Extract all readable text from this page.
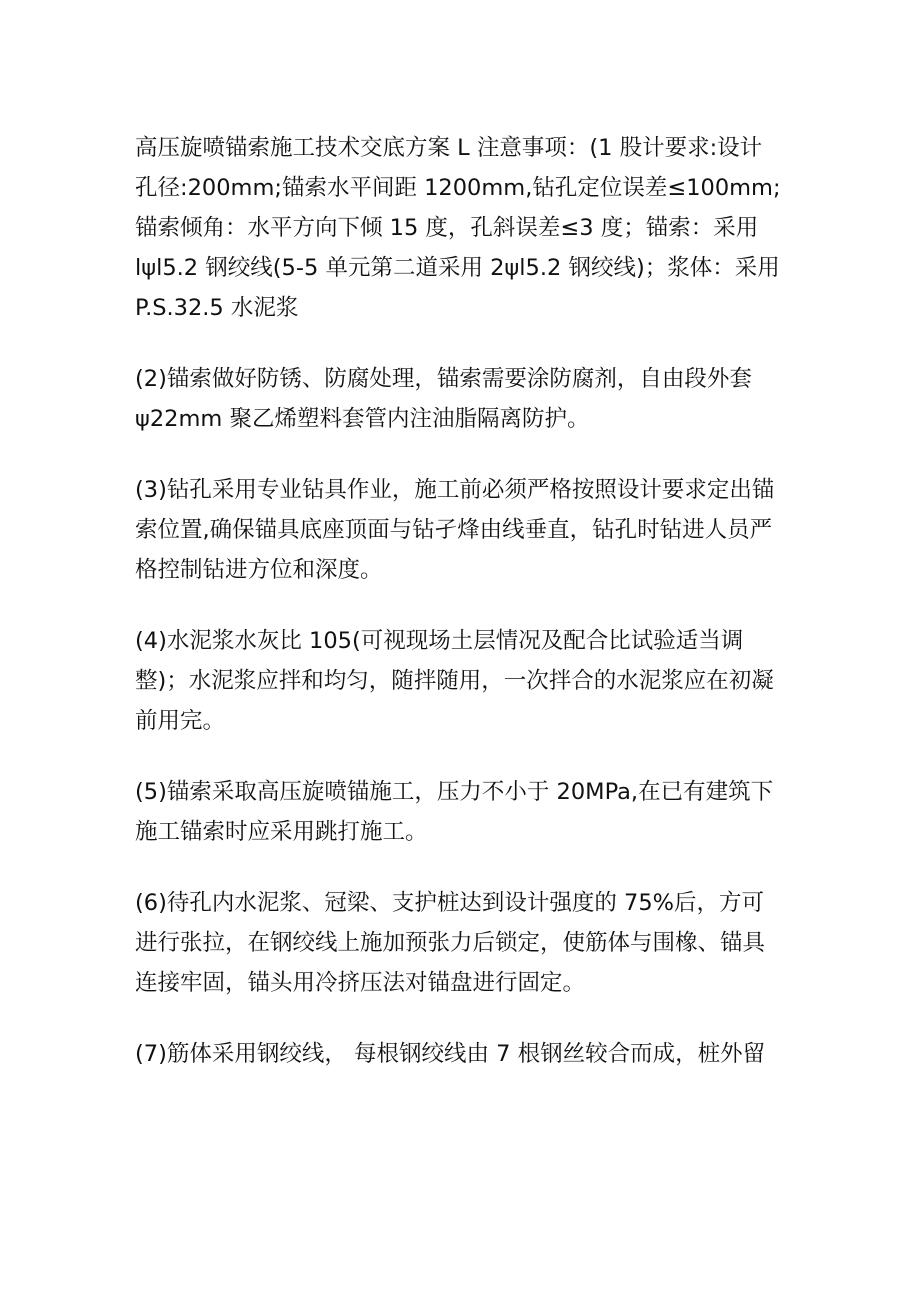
高压旋喷锚索施工技术交底方案 L 注意事项：(1 股计要求:设计
孔径:200mm;锚索水平间距 1200mm,钻孔定位误差≤100mm;
锚索倾角：水平方向下倾 15 度，孔斜误差≤3 度；锚索：采用
lψl5.2 钢绞线(5-5 单元第二道采用 2ψl5.2 钢绞线)；浆体：采用
P.S.32.5 水泥浆
(2)锚索做好防锈、防腐处理，锚索需要涂防腐剂，自由段外套
ψ22mm 聚乙烯塑料套管内注油脂隔离防护。
(3)钻孔采用专业钻具作业，施工前必须严格按照设计要求定出锚
索位置,确保锚具底座顶面与钻孑烽由线垂直，钻孔时钻进人员严
格控制钻进方位和深度。
(4)水泥浆水灰比 105(可视现场土层情况及配合比试验适当调
整)；水泥浆应拌和均匀，随拌随用，一次拌合的水泥浆应在初凝
前用完。
(5)锚索采取高压旋喷锚施工，压力不小于 20MPa,在已有建筑下
施工锚索时应采用跳打施工。
(6)待孔内水泥浆、冠梁、支护桩达到设计强度的 75%后，方可
进行张拉，在钢绞线上施加预张力后锁定，使筋体与围橡、锚具
连接牢固，锚头用冷挤压法对锚盘进行固定。
(7)筋体采用钢绞线， 每根钢绞线由 7 根钢丝较合而成，桩外留
